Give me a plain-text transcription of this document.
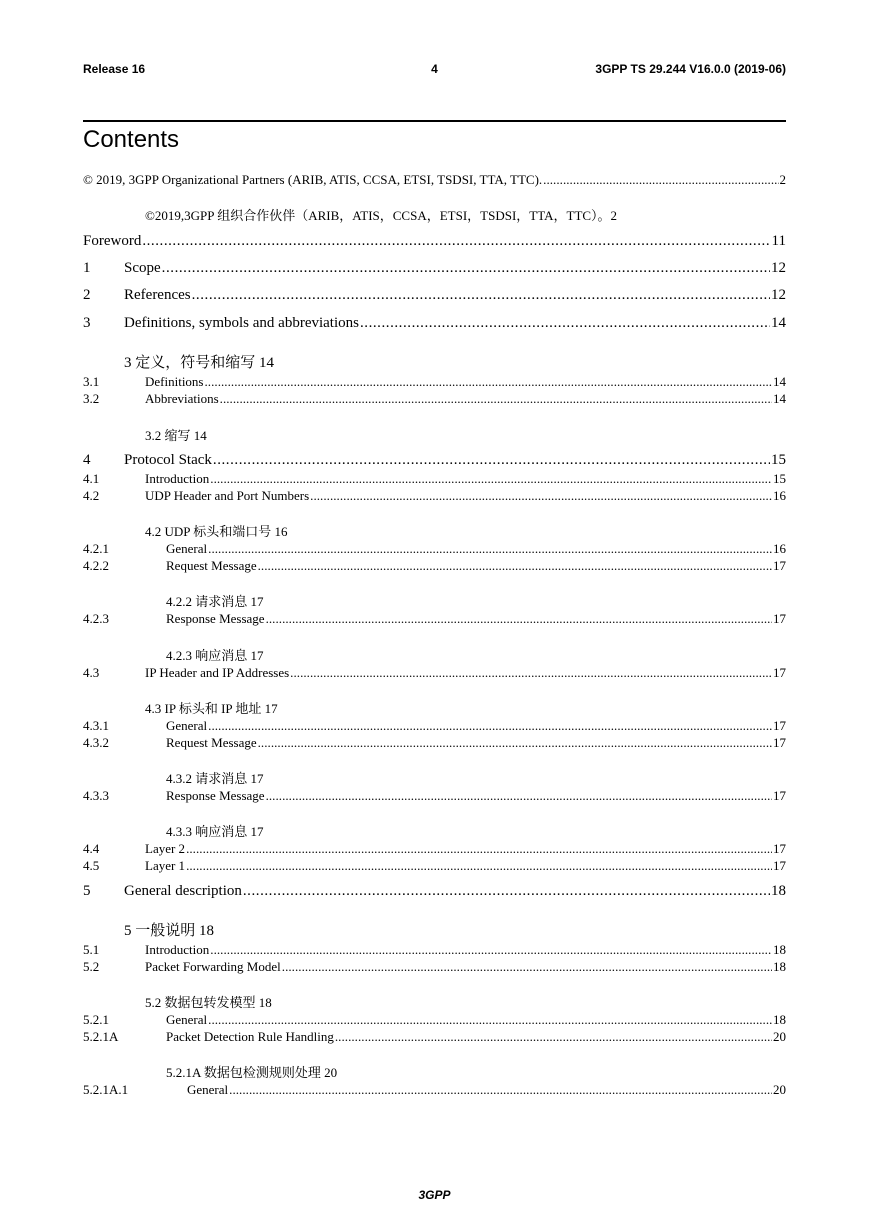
Release 16	4	3GPP TS 29.244 V16.0.0 (2019-06)
Contents
© 2019, 3GPP Organizational Partners (ARIB, ATIS, CCSA, ETSI, TSDSI, TTA, TTC). . . .	2
Foreword . . .	11
1	Scope . . .	12
2	References . . .	12
3	Definitions, symbols and abbreviations . . .	14
3.1	Definitions . . .	14
3.2	Abbreviations . . .	14
4	Protocol Stack . . .	15
4.1	Introduction . . .	15
4.2	UDP Header and Port Numbers . . .	16
4.2.1	General . . .	16
4.2.2	Request Message . . .	17
4.2.3	Response Message . . .	17
4.3	IP Header and IP Addresses . . .	17
4.3.1	General . . .	17
4.3.2	Request Message . . .	17
4.3.3	Response Message . . .	17
4.4	Layer 2 . . .	17
4.5	Layer 1 . . .	17
5	General description . . .	18
5.1	Introduction . . .	18
5.2	Packet Forwarding Model . . .	18
5.2.1	General . . .	18
5.2.1A	Packet Detection Rule Handling . . .	20
5.2.1A.1	General . . .	20
3GPP
©2019,3GPP 组织合作伙伴（ARIB，ATIS，CCSA，ETSI，TSDSI，TTA，TTC）。2
3 定义，符号和缩写 14
3.2 缩写 14
4.2 UDP 标头和端口号 16
4.2.2 请求消息 17
4.2.3 响应消息 17
4.3 IP 标头和 IP 地址 17
4.3.2 请求消息 17
4.3.3 响应消息 17
5 一般说明 18
5.2 数据包转发模型 18
5.2.1A 数据包检测规则处理 20
